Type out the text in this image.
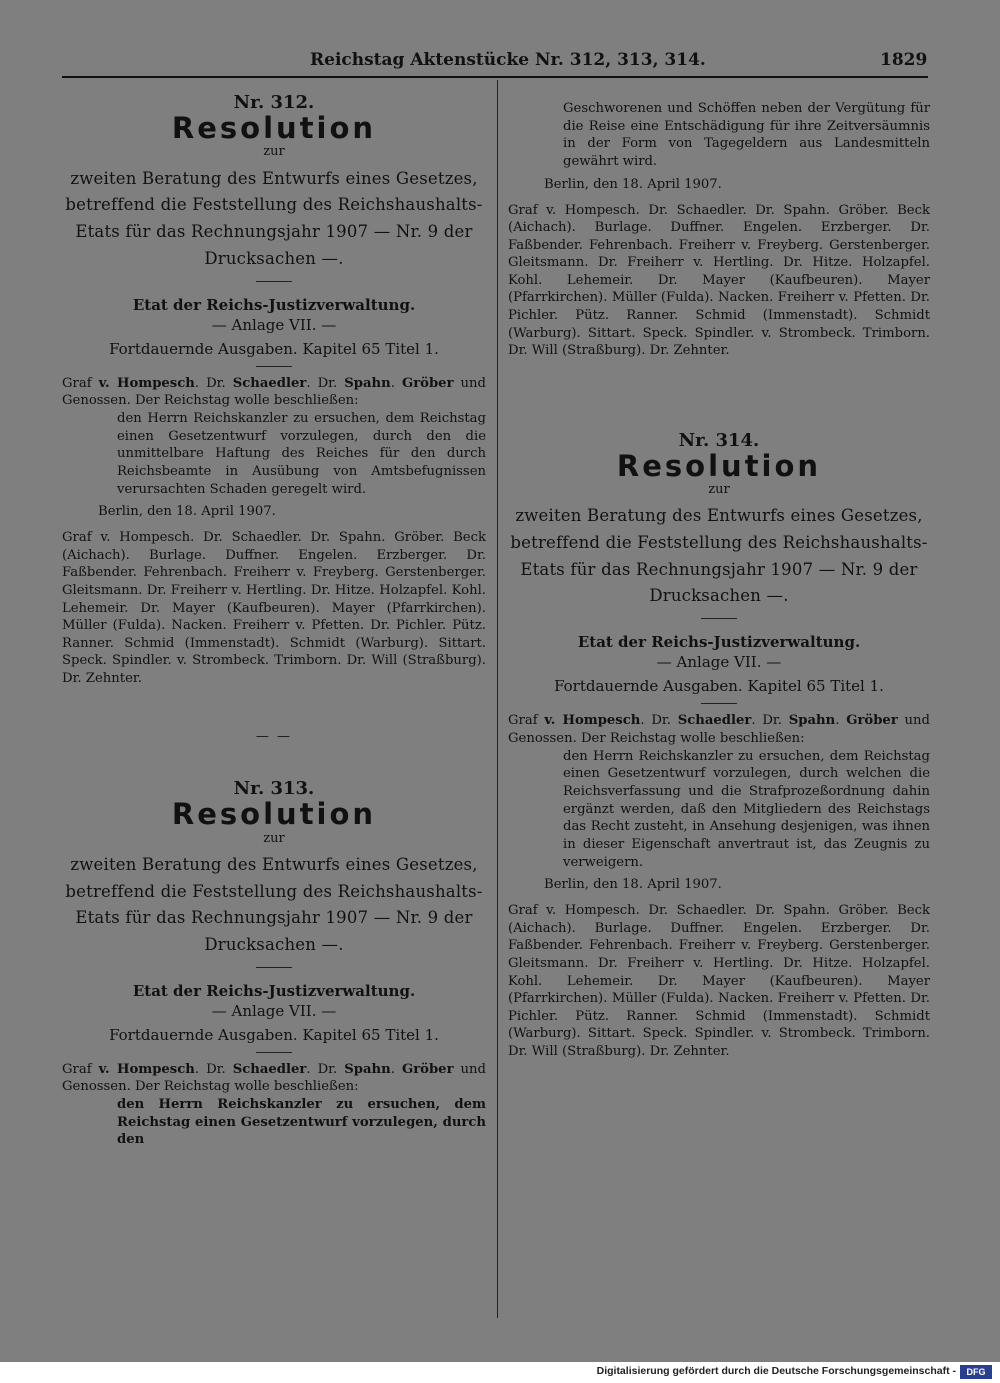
Reichstag Aktenstücke Nr. 312, 313, 314.	1829

Nr. 312.

Resolution

zur

zweiten Beratung des Entwurfs eines Gesetzes, betreffend die Feststellung des Reichshaushalts-Etats für das Rechnungsjahr 1907 — Nr. 9 der Drucksachen —.

Etat der Reichs-Justizverwaltung.

— Anlage VII. —

Fortdauernde Ausgaben. Kapitel 65 Titel 1.

Graf v. Hompesch. Dr. Schaedler. Dr. Spahn. Gröber und Genossen. Der Reichstag wolle beschließen:

den Herrn Reichskanzler zu ersuchen, dem Reichstag einen Gesetzentwurf vorzulegen, durch den die unmittelbare Haftung des Reiches für den durch Reichsbeamte in Ausübung von Amtsbefugnissen verursachten Schaden geregelt wird.

Berlin, den 18. April 1907.

Graf v. Hompesch. Dr. Schaedler. Dr. Spahn. Gröber. Beck (Aichach). Burlage. Duffner. Engelen. Erzberger. Dr. Faßbender. Fehrenbach. Freiherr v. Freyberg. Gerstenberger. Gleitsmann. Dr. Freiherr v. Hertling. Dr. Hitze. Holzapfel. Kohl. Lehemeir. Dr. Mayer (Kaufbeuren). Mayer (Pfarrkirchen). Müller (Fulda). Nacken. Freiherr v. Pfetten. Dr. Pichler. Pütz. Ranner. Schmid (Immenstadt). Schmidt (Warburg). Sittart. Speck. Spindler. v. Strombeck. Trimborn. Dr. Will (Straßburg). Dr. Zehnter.

— —

Nr. 313.

Resolution

zur

zweiten Beratung des Entwurfs eines Gesetzes, betreffend die Feststellung des Reichshaushalts-Etats für das Rechnungsjahr 1907 — Nr. 9 der Drucksachen —.

Etat der Reichs-Justizverwaltung.

— Anlage VII. —

Fortdauernde Ausgaben. Kapitel 65 Titel 1.

Graf v. Hompesch. Dr. Schaedler. Dr. Spahn. Gröber und Genossen. Der Reichstag wolle beschließen:

den Herrn Reichskanzler zu ersuchen, dem Reichstag einen Gesetzentwurf vorzulegen, durch den

Geschworenen und Schöffen neben der Vergütung für die Reise eine Entschädigung für ihre Zeitversäumnis in der Form von Tagegeldern aus Landesmitteln gewährt wird.

Berlin, den 18. April 1907.

Graf v. Hompesch. Dr. Schaedler. Dr. Spahn. Gröber. Beck (Aichach). Burlage. Duffner. Engelen. Erzberger. Dr. Faßbender. Fehrenbach. Freiherr v. Freyberg. Gerstenberger. Gleitsmann. Dr. Freiherr v. Hertling. Dr. Hitze. Holzapfel. Kohl. Lehemeir. Dr. Mayer (Kaufbeuren). Mayer (Pfarrkirchen). Müller (Fulda). Nacken. Freiherr v. Pfetten. Dr. Pichler. Pütz. Ranner. Schmid (Immenstadt). Schmidt (Warburg). Sittart. Speck. Spindler. v. Strombeck. Trimborn. Dr. Will (Straßburg). Dr. Zehnter.

Nr. 314.

Resolution

zur

zweiten Beratung des Entwurfs eines Gesetzes, betreffend die Feststellung des Reichshaushalts-Etats für das Rechnungsjahr 1907 — Nr. 9 der Drucksachen —.

Etat der Reichs-Justizverwaltung.

— Anlage VII. —

Fortdauernde Ausgaben. Kapitel 65 Titel 1.

Graf v. Hompesch. Dr. Schaedler. Dr. Spahn. Gröber und Genossen. Der Reichstag wolle beschließen:

den Herrn Reichskanzler zu ersuchen, dem Reichstag einen Gesetzentwurf vorzulegen, durch welchen die Reichsverfassung und die Strafprozeßordnung dahin ergänzt werden, daß den Mitgliedern des Reichstags das Recht zusteht, in Ansehung desjenigen, was ihnen in dieser Eigenschaft anvertraut ist, das Zeugnis zu verweigern.

Berlin, den 18. April 1907.

Graf v. Hompesch. Dr. Schaedler. Dr. Spahn. Gröber. Beck (Aichach). Burlage. Duffner. Engelen. Erzberger. Dr. Faßbender. Fehrenbach. Freiherr v. Freyberg. Gerstenberger. Gleitsmann. Dr. Freiherr v. Hertling. Dr. Hitze. Holzapfel. Kohl. Lehemeir. Dr. Mayer (Kaufbeuren). Mayer (Pfarrkirchen). Müller (Fulda). Nacken. Freiherr v. Pfetten. Dr. Pichler. Pütz. Ranner. Schmid (Immenstadt). Schmidt (Warburg). Sittart. Speck. Spindler. v. Strombeck. Trimborn. Dr. Will (Straßburg). Dr. Zehnter.

Digitalisierung gefördert durch die Deutsche Forschungsgemeinschaft -	DFG
